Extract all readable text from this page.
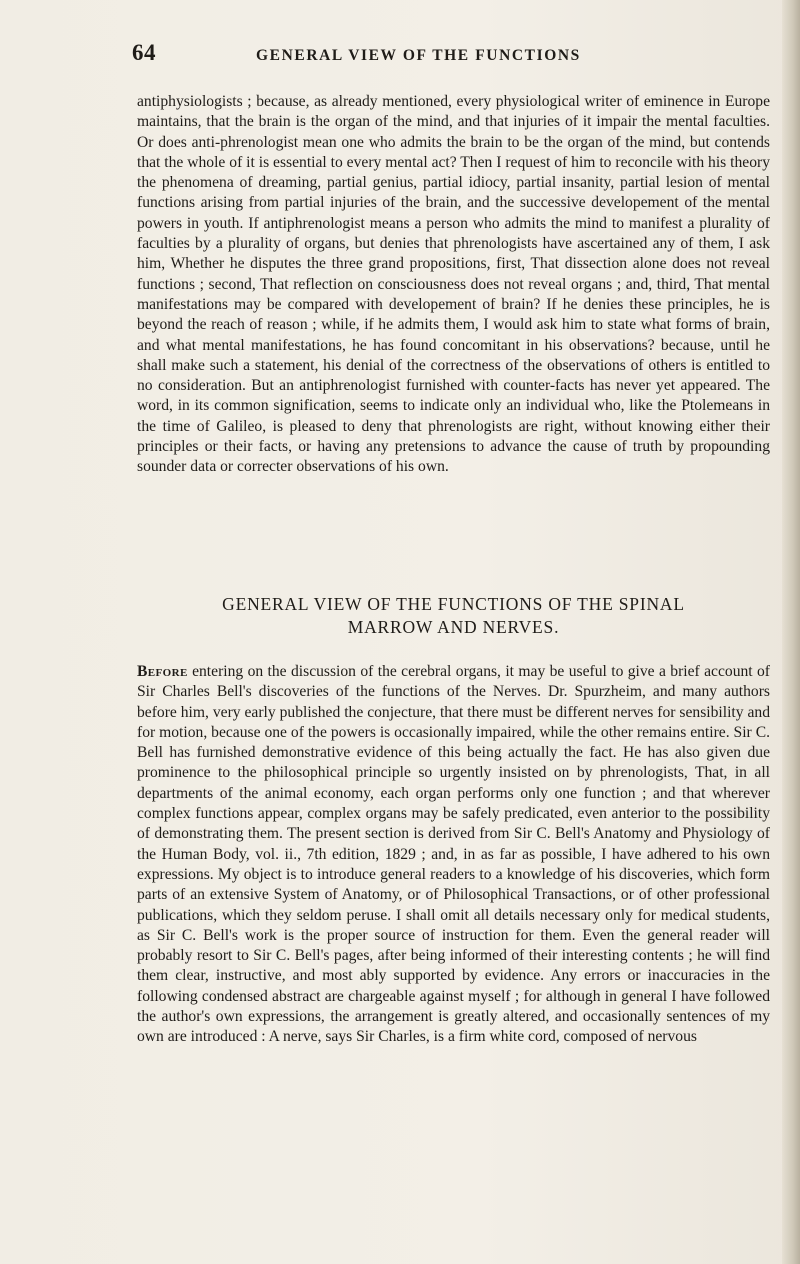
64	GENERAL VIEW OF THE FUNCTIONS

antiphysiologists ; because, as already mentioned, every physiological writer of eminence in Europe maintains, that the brain is the organ of the mind, and that injuries of it impair the mental faculties. Or does anti-phrenologist mean one who admits the brain to be the organ of the mind, but contends that the whole of it is essential to every mental act? Then I request of him to reconcile with his theory the phenomena of dreaming, partial genius, partial idiocy, partial insanity, partial lesion of mental functions arising from partial injuries of the brain, and the successive developement of the mental powers in youth. If antiphrenologist means a person who admits the mind to manifest a plurality of faculties by a plurality of organs, but denies that phrenologists have ascertained any of them, I ask him, Whether he disputes the three grand propositions, first, That dissection alone does not reveal functions ; second, That reflection on consciousness does not reveal organs ; and, third, That mental manifestations may be compared with developement of brain? If he denies these principles, he is beyond the reach of reason ; while, if he admits them, I would ask him to state what forms of brain, and what mental manifestations, he has found concomitant in his observations? because, until he shall make such a statement, his denial of the correctness of the observations of others is entitled to no consideration. But an antiphrenologist furnished with counter-facts has never yet appeared. The word, in its common signification, seems to indicate only an individual who, like the Ptolemeans in the time of Galileo, is pleased to deny that phrenologists are right, without knowing either their principles or their facts, or having any pretensions to advance the cause of truth by propounding sounder data or correcter observations of his own.

GENERAL VIEW OF THE FUNCTIONS OF THE SPINAL
MARROW AND NERVES.

Before entering on the discussion of the cerebral organs, it may be useful to give a brief account of Sir Charles Bell's discoveries of the functions of the Nerves. Dr. Spurzheim, and many authors before him, very early published the conjecture, that there must be different nerves for sensibility and for motion, because one of the powers is occasionally impaired, while the other remains entire. Sir C. Bell has furnished demonstrative evidence of this being actually the fact. He has also given due prominence to the philosophical principle so urgently insisted on by phrenologists, That, in all departments of the animal economy, each organ performs only one function ; and that wherever complex functions appear, complex organs may be safely predicated, even anterior to the possibility of demonstrating them. The present section is derived from Sir C. Bell's Anatomy and Physiology of the Human Body, vol. ii., 7th edition, 1829 ; and, in as far as possible, I have adhered to his own expressions. My object is to introduce general readers to a knowledge of his discoveries, which form parts of an extensive System of Anatomy, or of Philosophical Transactions, or of other professional publications, which they seldom peruse. I shall omit all details necessary only for medical students, as Sir C. Bell's work is the proper source of instruction for them. Even the general reader will probably resort to Sir C. Bell's pages, after being informed of their interesting contents ; he will find them clear, instructive, and most ably supported by evidence. Any errors or inaccuracies in the following condensed abstract are chargeable against myself ; for although in general I have followed the author's own expressions, the arrangement is greatly altered, and occasionally sentences of my own are introduced : A nerve, says Sir Charles, is a firm white cord, composed of nervous
